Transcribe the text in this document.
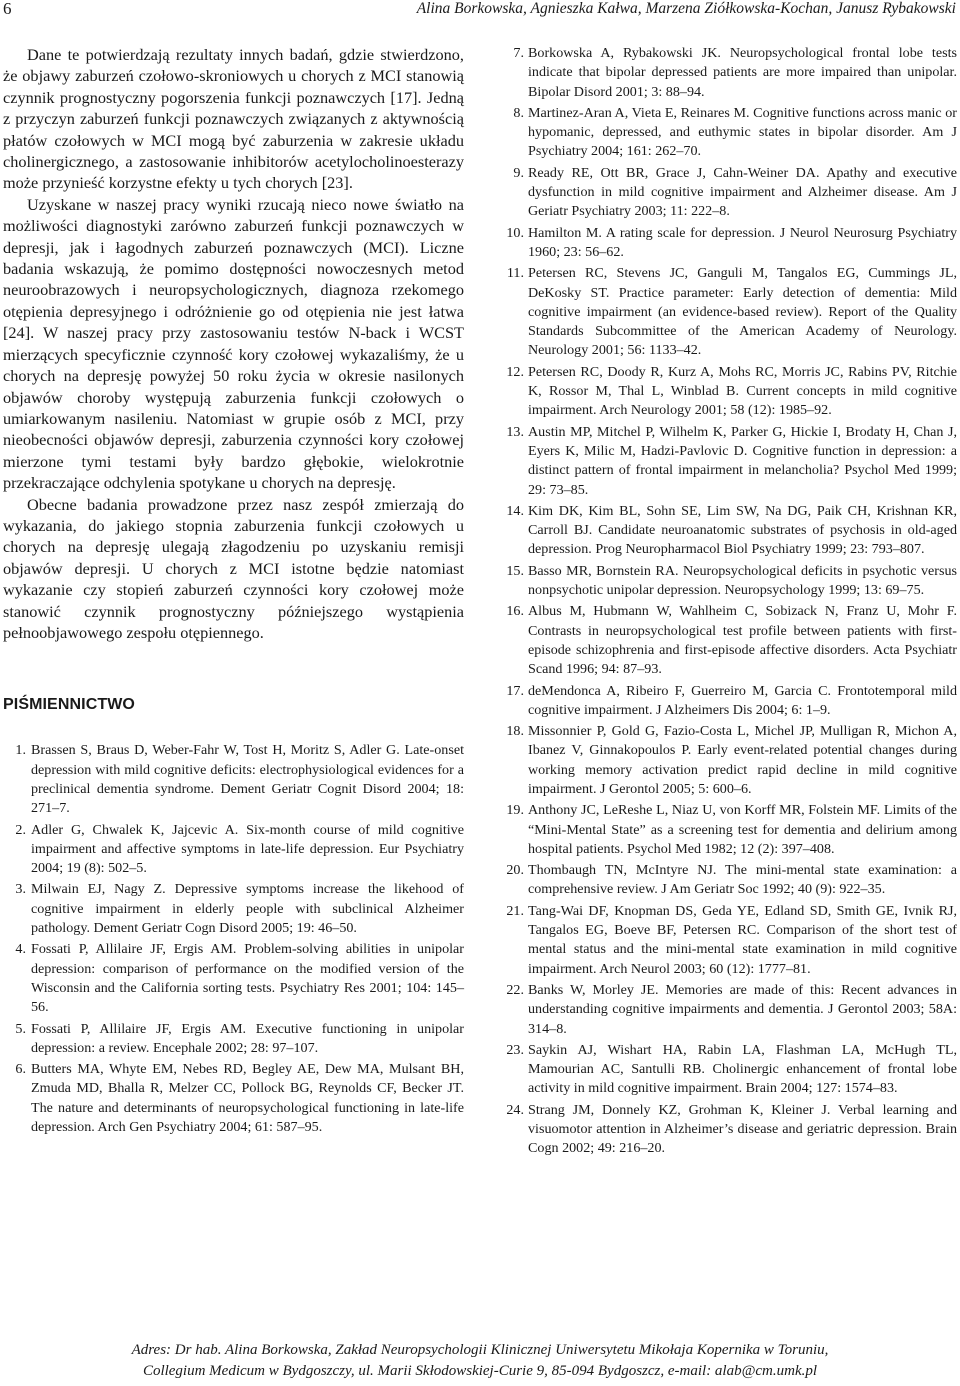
6	Alina Borkowska, Agnieszka Kałwa, Marzena Ziółkowska-Kochan, Janusz Rybakowski

Dane te potwierdzają rezultaty innych badań, gdzie stwierdzono, że objawy zaburzeń czołowo-skroniowych u chorych z MCI stanowią czynnik prognostyczny pogorszenia funkcji poznawczych [17]. Jedną z przyczyn zaburzeń funkcji poznawczych związanych z aktywnością płatów czołowych w MCI mogą być zaburzenia w zakresie układu cholinergicznego, a zastosowanie inhibitorów acetylocholinoesterazy może przynieść korzystne efekty u tych chorych [23].

Uzyskane w naszej pracy wyniki rzucają nieco nowe światło na możliwości diagnostyki zarówno zaburzeń funkcji poznawczych w depresji, jak i łagodnych zaburzeń poznawczych (MCI). Liczne badania wskazują, że pomimo dostępności nowoczesnych metod neuroobrazowych i neuropsychologicznych, diagnoza rzekomego otępienia depresyjnego i odróżnienie go od otępienia nie jest łatwa [24]. W naszej pracy przy zastosowaniu testów N-back i WCST mierzących specyficznie czynność kory czołowej wykazaliśmy, że u chorych na depresję powyżej 50 roku życia w okresie nasilonych objawów choroby występują zaburzenia funkcji czołowych o umiarkowanym nasileniu. Natomiast w grupie osób z MCI, przy nieobecności objawów depresji, zaburzenia czynności kory czołowej mierzone tymi testami były bardzo głębokie, wielokrotnie przekraczające odchylenia spotykane u chorych na depresję.

Obecne badania prowadzone przez nasz zespół zmierzają do wykazania, do jakiego stopnia zaburzenia funkcji czołowych u chorych na depresję ulegają złagodzeniu po uzyskaniu remisji objawów depresji. U chorych z MCI istotne będzie natomiast wykazanie czy stopień zaburzeń czynności kory czołowej może stanowić czynnik prognostyczny późniejszego wystąpienia pełnoobjawowego zespołu otępiennego.

PIŚMIENNICTWO
1. Brassen S, Braus D, Weber-Fahr W, Tost H, Moritz S, Adler G. Late-onset depression with mild cognitive deficits: electrophysiological evidences for a preclinical dementia syndrome. Dement Geriatr Cognit Disord 2004; 18: 271–7.
2. Adler G, Chwalek K, Jajcevic A. Six-month course of mild cognitive impairment and affective symptoms in late-life depression. Eur Psychiatry 2004; 19 (8): 502–5.
3. Milwain EJ, Nagy Z. Depressive symptoms increase the likehood of cognitive impairment in elderly people with subclinical Alzheimer pathology. Dement Geriatr Cogn Disord 2005; 19: 46–50.
4. Fossati P, Allilaire JF, Ergis AM. Problem-solving abilities in unipolar depression: comparison of performance on the modified version of the Wisconsin and the California sorting tests. Psychiatry Res 2001; 104: 145–56.
5. Fossati P, Allilaire JF, Ergis AM. Executive functioning in unipolar depression: a review. Encephale 2002; 28: 97–107.
6. Butters MA, Whyte EM, Nebes RD, Begley AE, Dew MA, Mulsant BH, Zmuda MD, Bhalla R, Melzer CC, Pollock BG, Reynolds CF, Becker JT. The nature and determinants of neuropsychological functioning in late-life depression. Arch Gen Psychiatry 2004; 61: 587–95.
7. Borkowska A, Rybakowski JK. Neuropsychological frontal lobe tests indicate that bipolar depressed patients are more impaired than unipolar. Bipolar Disord 2001; 3: 88–94.
8. Martinez-Aran A, Vieta E, Reinares M. Cognitive functions across manic or hypomanic, depressed, and euthymic states in bipolar disorder. Am J Psychiatry 2004; 161: 262–70.
9. Ready RE, Ott BR, Grace J, Cahn-Weiner DA. Apathy and executive dysfunction in mild cognitive impairment and Alzheimer disease. Am J Geriatr Psychiatry 2003; 11: 222–8.
10. Hamilton M. A rating scale for depression. J Neurol Neurosurg Psychiatry 1960; 23: 56–62.
11. Petersen RC, Stevens JC, Ganguli M, Tangalos EG, Cummings JL, DeKosky ST. Practice parameter: Early detection of dementia: Mild cognitive impairment (an evidence-based review). Report of the Quality Standards Subcommittee of the American Academy of Neurology. Neurology 2001; 56: 1133–42.
12. Petersen RC, Doody R, Kurz A, Mohs RC, Morris JC, Rabins PV, Ritchie K, Rossor M, Thal L, Winblad B. Current concepts in mild cognitive impairment. Arch Neurology 2001; 58 (12): 1985–92.
13. Austin MP, Mitchel P, Wilhelm K, Parker G, Hickie I, Brodaty H, Chan J, Eyers K, Milic M, Hadzi-Pavlovic D. Cognitive function in depression: a distinct pattern of frontal impairment in melancholia? Psychol Med 1999; 29: 73–85.
14. Kim DK, Kim BL, Sohn SE, Lim SW, Na DG, Paik CH, Krishnan KR, Carroll BJ. Candidate neuroanatomic substrates of psychosis in old-aged depression. Prog Neuropharmacol Biol Psychiatry 1999; 23: 793–807.
15. Basso MR, Bornstein RA. Neuropsychological deficits in psychotic versus nonpsychotic unipolar depression. Neuropsychology 1999; 13: 69–75.
16. Albus M, Hubmann W, Wahlheim C, Sobizack N, Franz U, Mohr F. Contrasts in neuropsychological test profile between patients with first-episode schizophrenia and first-episode affective disorders. Acta Psychiatr Scand 1996; 94: 87–93.
17. deMendonca A, Ribeiro F, Guerreiro M, Garcia C. Frontotemporal mild cognitive impairment. J Alzheimers Dis 2004; 6: 1–9.
18. Missonnier P, Gold G, Fazio-Costa L, Michel JP, Mulligan R, Michon A, Ibanez V, Ginnakopoulos P. Early event-related potential changes during working memory activation predict rapid decline in mild cognitive impairment. J Gerontol 2005; 5: 600–6.
19. Anthony JC, LeReshe L, Niaz U, von Korff MR, Folstein MF. Limits of the “Mini-Mental State” as a screening test for dementia and delirium among hospital patients. Psychol Med 1982; 12 (2): 397–408.
20. Thombaugh TN, McIntyre NJ. The mini-mental state examination: a comprehensive review. J Am Geriatr Soc 1992; 40 (9): 922–35.
21. Tang-Wai DF, Knopman DS, Geda YE, Edland SD, Smith GE, Ivnik RJ, Tangalos EG, Boeve BF, Petersen RC. Comparison of the short test of mental status and the mini-mental state examination in mild cognitive impairment. Arch Neurol 2003; 60 (12): 1777–81.
22. Banks W, Morley JE. Memories are made of this: Recent advances in understanding cognitive impairments and dementia. J Gerontol 2003; 58A: 314–8.
23. Saykin AJ, Wishart HA, Rabin LA, Flashman LA, McHugh TL, Mamourian AC, Santulli RB. Cholinergic enhancement of frontal lobe activity in mild cognitive impairment. Brain 2004; 127: 1574–83.
24. Strang JM, Donnely KZ, Grohman K, Kleiner J. Verbal learning and visuomotor attention in Alzheimer’s disease and geriatric depression. Brain Cogn 2002; 49: 216–20.
Adres: Dr hab. Alina Borkowska, Zakład Neuropsychologii Klinicznej Uniwersytetu Mikołaja Kopernika w Toruniu,
Collegium Medicum w Bydgoszczy, ul. Marii Skłodowskiej-Curie 9, 85-094 Bydgoszcz, e-mail: alab@cm.umk.pl
